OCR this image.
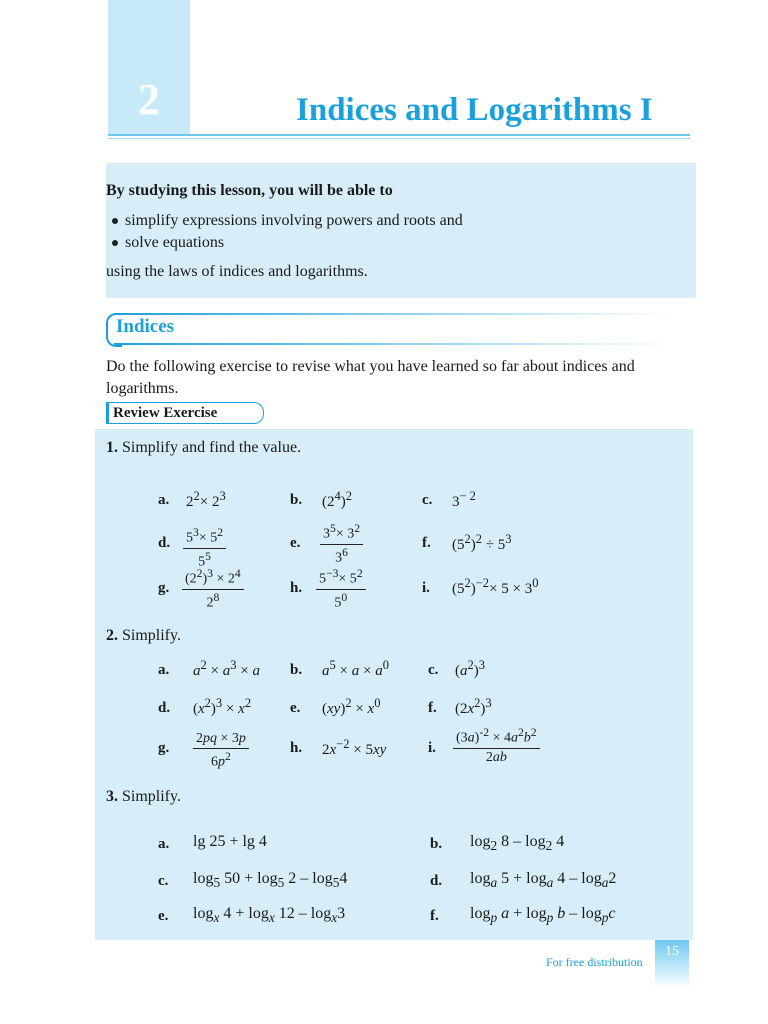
2	Indices and Logarithms I
By studying this lesson, you will be able to
simplify expressions involving powers and roots and
solve equations
using the laws of indices and logarithms.
Indices
Do the following exercise to revise what you have learned so far about indices and logarithms.
Review Exercise
1. Simplify and find the value.
a. $2^2\times 2^3$	b. $(2^4)^2$	c. $3^{- 2}$
d. $\frac{5^3\times 5^2}{5^5}$	e. $\frac{3^5\times 3^2}{3^6}$	f. $(5^2)^2 \div 5^3$
g. $\frac{(2^2)^3 \times 2^4}{2^8}$	h. $\frac{5^{-3}\times 5^2}{5^0}$	i. $(5^2)^{-2}\times 5 \times 3^0$
2. Simplify.
a. $a^2 \times a^3 \times a$ b. $a^5 \times a \times a^0$	c. $(a^2)^3$
d. $(x^2)^3 \times x^2$	e. $(xy)^2 \times x^0$	f. $(2x^2)^3$
g. $\frac{2pq \times 3p}{6p^2}$	h. $2x^{-2} \times 5xy$	i. $\frac{(3a)^{-2} \times 4a^2b^2}{2ab}$
3. Simplify.
a. lg 25 + lg 4	b. $\log_2 8 - \log_2 4$
c. $\log_5 50 + \log_5 2 - \log_54$	d. $\log_a 5 + \log_a 4 - \log_a2$
e. $\log_x 4 + \log_x 12 - \log_x3$	f. $\log_p a + \log_p b - \log_pc$
For free distribution
15
